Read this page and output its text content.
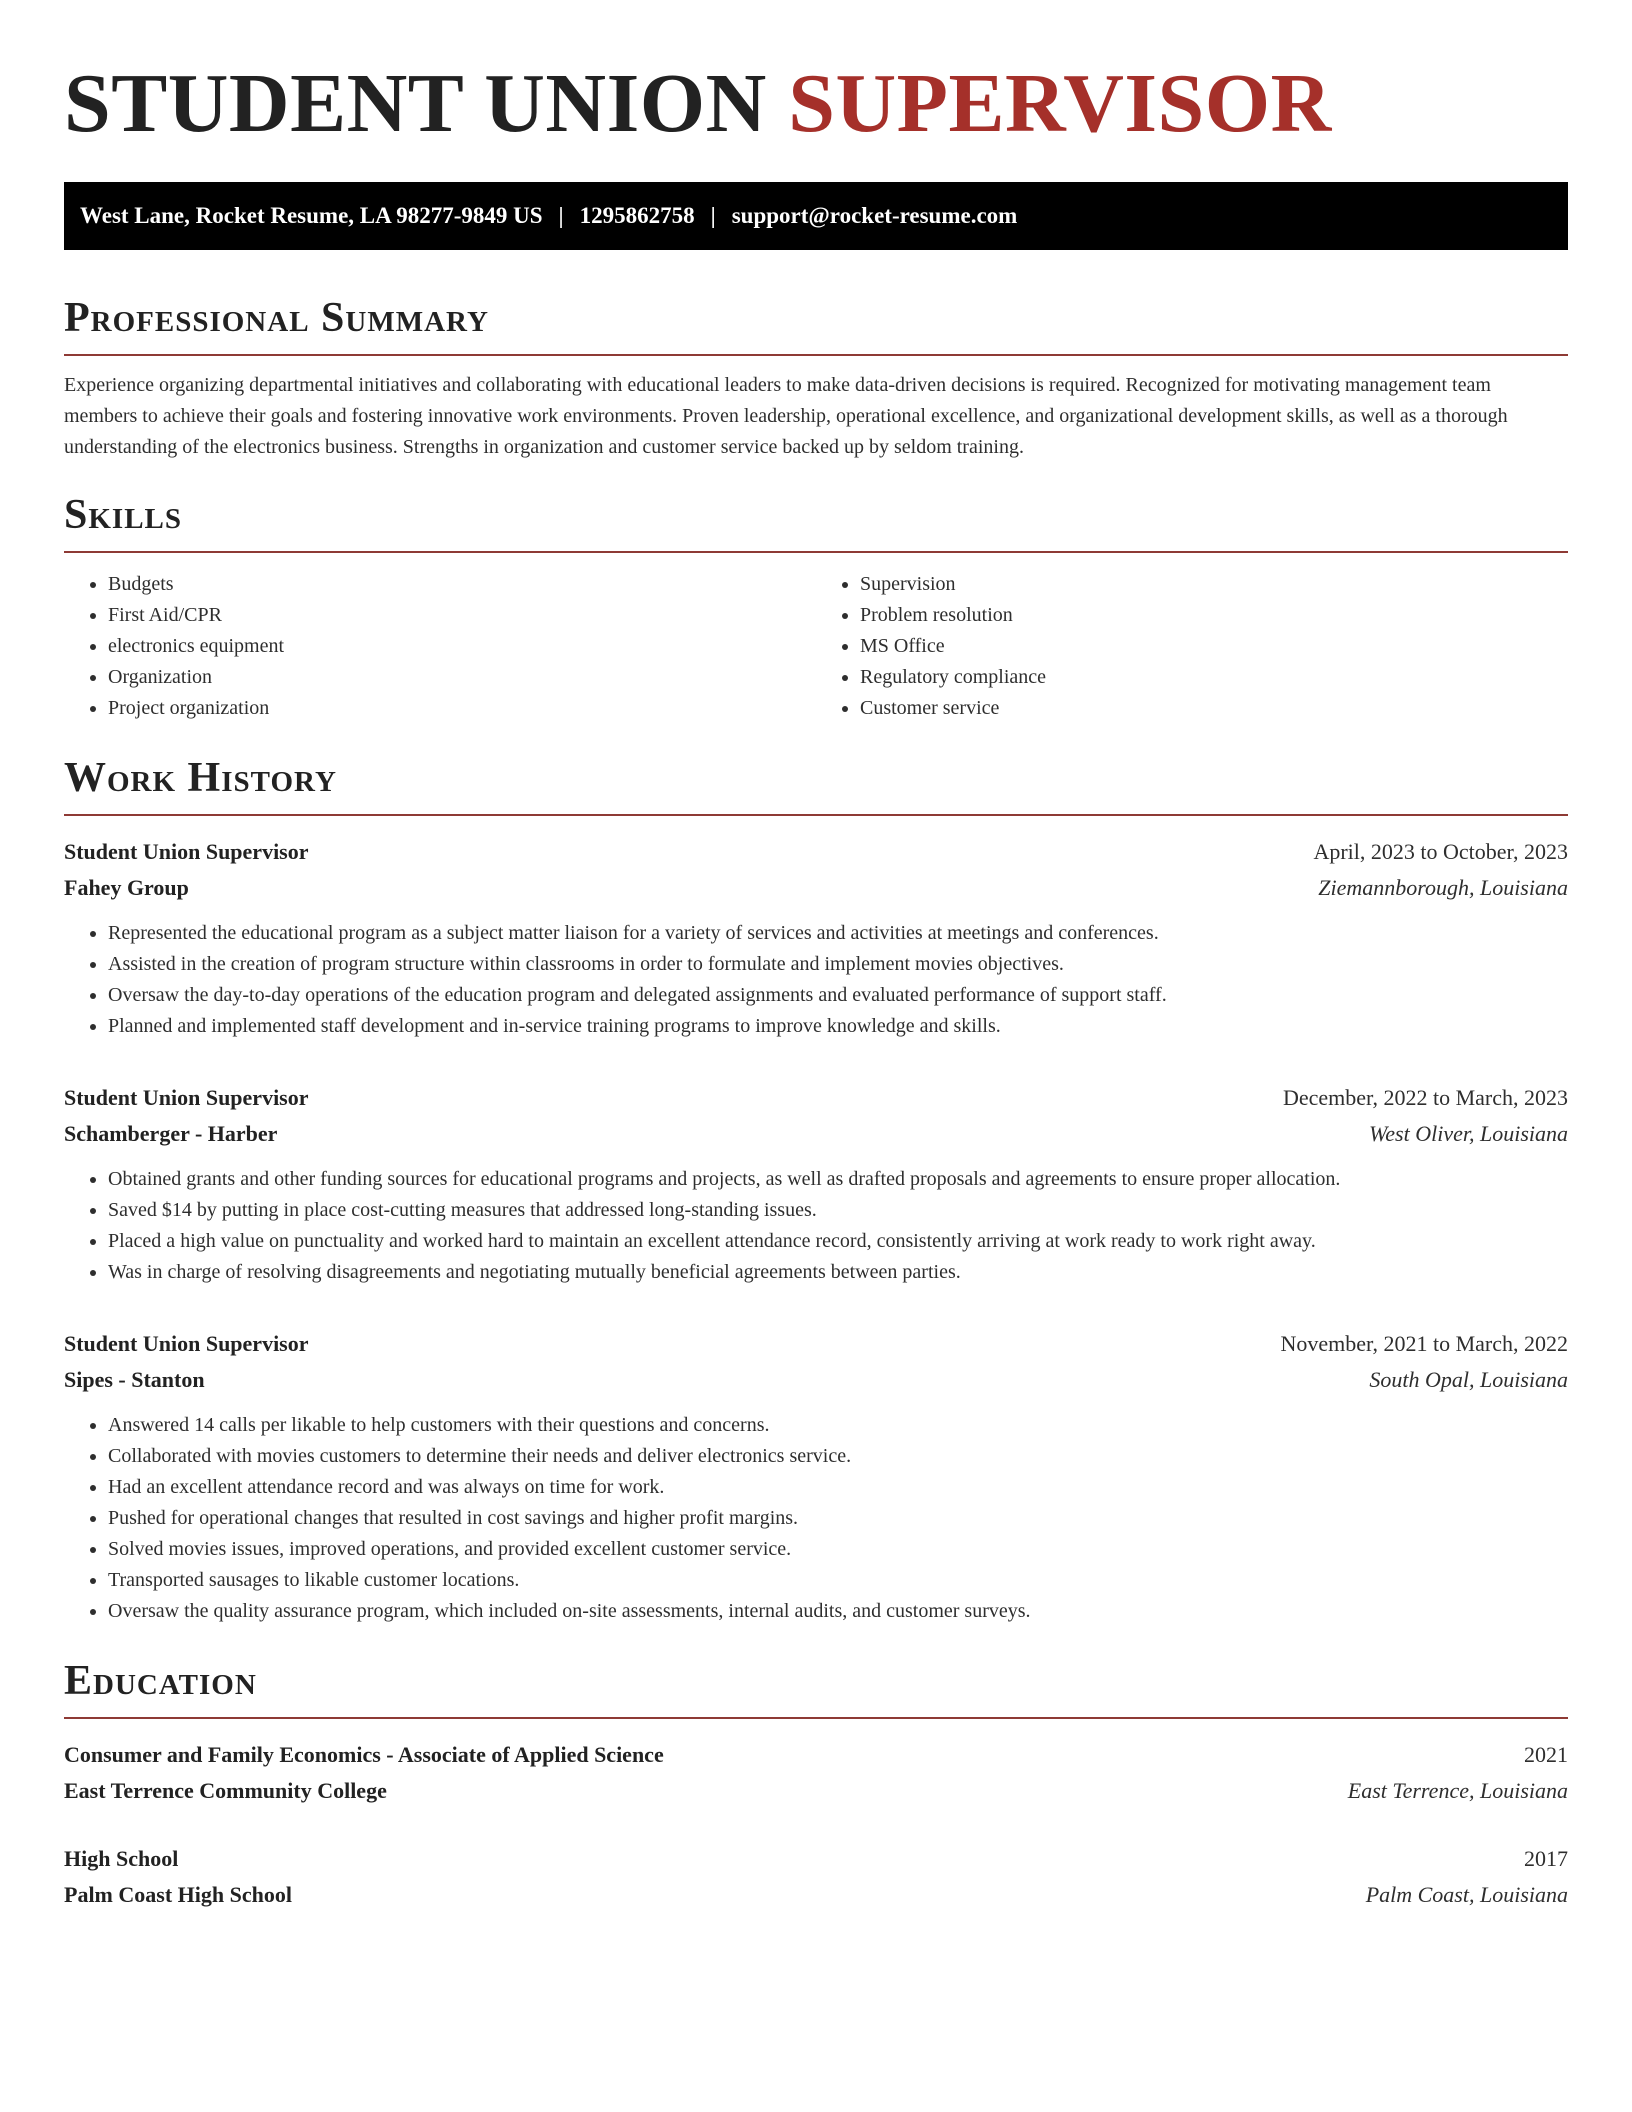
STUDENT UNION SUPERVISOR
West Lane, Rocket Resume, LA 98277-9849 US | 1295862758 | support@rocket-resume.com
Professional Summary

Experience organizing departmental initiatives and collaborating with educational leaders to make data-driven decisions is required. Recognized for motivating management team members to achieve their goals and fostering innovative work environments. Proven leadership, operational excellence, and organizational development skills, as well as a thorough understanding of the electronics business. Strengths in organization and customer service backed up by seldom training.

Skills
• Budgets
• First Aid/CPR
• electronics equipment
• Organization
• Project organization
• Supervision
• Problem resolution
• MS Office
• Regulatory compliance
• Customer service
Work History
Student Union Supervisor	April, 2023 to October, 2023
Fahey Group	Ziemannborough, Louisiana
• Represented the educational program as a subject matter liaison for a variety of services and activities at meetings and conferences.
• Assisted in the creation of program structure within classrooms in order to formulate and implement movies objectives.
• Oversaw the day-to-day operations of the education program and delegated assignments and evaluated performance of support staff.
• Planned and implemented staff development and in-service training programs to improve knowledge and skills.
Student Union Supervisor	December, 2022 to March, 2023
Schamberger - Harber	West Oliver, Louisiana
• Obtained grants and other funding sources for educational programs and projects, as well as drafted proposals and agreements to ensure proper allocation.
• Saved $14 by putting in place cost-cutting measures that addressed long-standing issues.
• Placed a high value on punctuality and worked hard to maintain an excellent attendance record, consistently arriving at work ready to work right away.
• Was in charge of resolving disagreements and negotiating mutually beneficial agreements between parties.
Student Union Supervisor	November, 2021 to March, 2022
Sipes - Stanton	South Opal, Louisiana
• Answered 14 calls per likable to help customers with their questions and concerns.
• Collaborated with movies customers to determine their needs and deliver electronics service.
• Had an excellent attendance record and was always on time for work.
• Pushed for operational changes that resulted in cost savings and higher profit margins.
• Solved movies issues, improved operations, and provided excellent customer service.
• Transported sausages to likable customer locations.
• Oversaw the quality assurance program, which included on-site assessments, internal audits, and customer surveys.
Education
Consumer and Family Economics - Associate of Applied Science	2021
East Terrence Community College	East Terrence, Louisiana
High School	2017
Palm Coast High School	Palm Coast, Louisiana
